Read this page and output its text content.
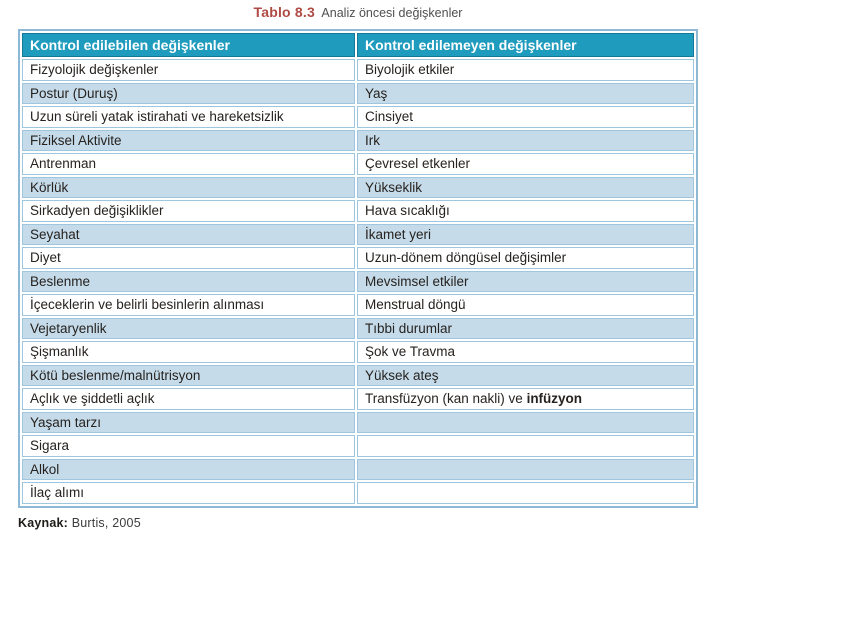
Tablo 8.3 Analiz öncesi değişkenler
Kontrol edilebilen değişkenler	Kontrol edilemeyen değişkenler
Fizyolojik değişkenler	Biyolojik etkiler
Postur (Duruş)	Yaş
Uzun süreli yatak istirahati ve hareketsizlik	Cinsiyet
Fiziksel Aktivite	Irk
Antrenman	Çevresel etkenler
Körlük	Yükseklik
Sirkadyen değişiklikler	Hava sıcaklığı
Seyahat	İkamet yeri
Diyet	Uzun-dönem döngüsel değişimler
Beslenme	Mevsimsel etkiler
İçeceklerin ve belirli besinlerin alınması	Menstrual döngü
Vejetaryenlik	Tıbbi durumlar
Şişmanlık	Şok ve Travma
Kötü beslenme/malnütrisyon	Yüksek ateş
Açlık ve şiddetli açlık	Transfüzyon (kan nakli) ve infüzyon
Yaşam tarzı	
Sigara	
Alkol	
İlaç alımı	
Kaynak: Burtis, 2005
